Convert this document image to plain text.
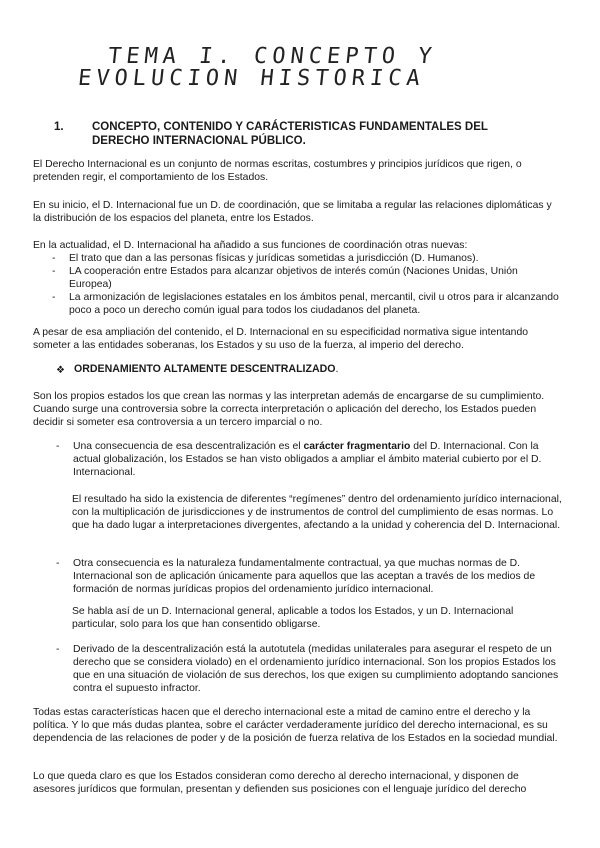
TEMA I. CONCEPTO Y
EVOLUCION HISTORICA
1. CONCEPTO, CONTENIDO Y CARÁCTERISTICAS FUNDAMENTALES DEL DERECHO INTERNACIONAL PÚBLICO.

El Derecho Internacional es un conjunto de normas escritas, costumbres y principios jurídicos que rigen, o pretenden regir, el comportamiento de los Estados.

En su inicio, el D. Internacional fue un D. de coordinación, que se limitaba a regular las relaciones diplomáticas y la distribución de los espacios del planeta, entre los Estados.

En la actualidad, el D. Internacional ha añadido a sus funciones de coordinación otras nuevas:

- El trato que dan a las personas físicas y jurídicas sometidas a jurisdicción (D. Humanos).
- LA cooperación entre Estados para alcanzar objetivos de interés común (Naciones Unidas, Unión Europea)
- La armonización de legislaciones estatales en los ámbitos penal, mercantil, civil u otros para ir alcanzando poco a poco un derecho común igual para todos los ciudadanos del planeta.

A pesar de esa ampliación del contenido, el D. Internacional en su especificidad normativa sigue intentando someter a las entidades soberanas, los Estados y su uso de la fuerza, al imperio del derecho.

❖ ORDENAMIENTO ALTAMENTE DESCENTRALIZADO.

Son los propios estados los que crean las normas y las interpretan además de encargarse de su cumplimiento. Cuando surge una controversia sobre la correcta interpretación o aplicación del derecho, los Estados pueden decidir si someter esa controversia a un tercero imparcial o no.

- Una consecuencia de esa descentralización es el carácter fragmentario del D. Internacional. Con la actual globalización, los Estados se han visto obligados a ampliar el ámbito material cubierto por el D. Internacional.

El resultado ha sido la existencia de diferentes “regímenes” dentro del ordenamiento jurídico internacional, con la multiplicación de jurisdicciones y de instrumentos de control del cumplimiento de esas normas. Lo que ha dado lugar a interpretaciones divergentes, afectando a la unidad y coherencia del D. Internacional.

- Otra consecuencia es la naturaleza fundamentalmente contractual, ya que muchas normas de D. Internacional son de aplicación únicamente para aquellos que las aceptan a través de los medios de formación de normas jurídicas propios del ordenamiento jurídico internacional.

Se habla así de un D. Internacional general, aplicable a todos los Estados, y un D. Internacional particular, solo para los que han consentido obligarse.

- Derivado de la descentralización está la autotutela (medidas unilaterales para asegurar el respeto de un derecho que se considera violado) en el ordenamiento jurídico internacional. Son los propios Estados los que en una situación de violación de sus derechos, los que exigen su cumplimiento adoptando sanciones contra el supuesto infractor.

Todas estas características hacen que el derecho internacional este a mitad de camino entre el derecho y la política. Y lo que más dudas plantea, sobre el carácter verdaderamente jurídico del derecho internacional, es su dependencia de las relaciones de poder y de la posición de fuerza relativa de los Estados en la sociedad mundial.

Lo que queda claro es que los Estados consideran como derecho al derecho internacional, y disponen de asesores jurídicos que formulan, presentan y defienden sus posiciones con el lenguaje jurídico del derecho
